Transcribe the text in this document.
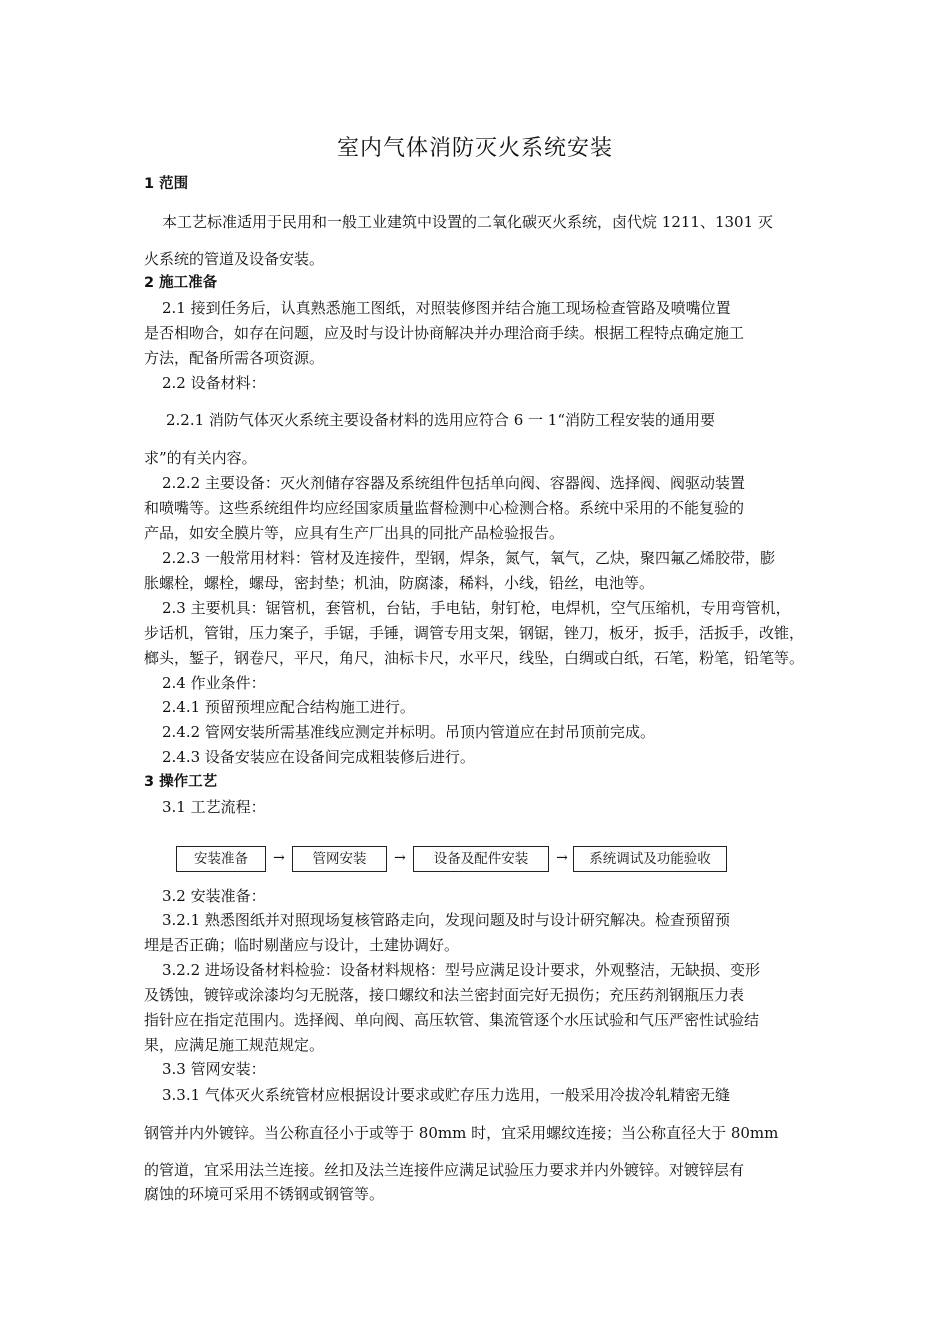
室内气体消防灭火系统安装
1 范围
本工艺标准适用于民用和一般工业建筑中设置的二氧化碳灭火系统，卤代烷 1211、1301 灭
火系统的管道及设备安装。
2 施工准备
2.1 接到任务后，认真熟悉施工图纸，对照装修图并结合施工现场检查管路及喷嘴位置
是否相吻合，如存在问题，应及时与设计协商解决并办理洽商手续。根据工程特点确定施工
方法，配备所需各项资源。
2.2 设备材料：
2.2.1 消防气体灭火系统主要设备材料的选用应符合 6 一 1“消防工程安装的通用要
求”的有关内容。
2.2.2 主要设备：灭火剂储存容器及系统组件包括单向阀、容器阀、选择阀、阀驱动装置
和喷嘴等。这些系统组件均应经国家质量监督检测中心检测合格。系统中采用的不能复验的
产品，如安全膜片等，应具有生产厂出具的同批产品检验报告。
2.2.3 一般常用材料：管材及连接件，型钢，焊条，氮气，氧气，乙炔，聚四氟乙烯胶带，膨
胀螺栓，螺栓，螺母，密封垫；机油，防腐漆，稀料，小线，铅丝，电池等。
2.3 主要机具：锯管机，套管机，台钻，手电钻，射钉枪，电焊机，空气压缩机，专用弯管机，
步话机，管钳，压力案子，手锯，手锤，调管专用支架，钢锯，锉刀，板牙，扳手，活扳手，改锥，
榔头，錾子，钢卷尺，平尺，角尺，油标卡尺，水平尺，线坠，白绸或白纸，石笔，粉笔，铅笔等。
2.4 作业条件：
2.4.1 预留预埋应配合结构施工进行。
2.4.2 管网安装所需基准线应测定并标明。吊顶内管道应在封吊顶前完成。
2.4.3 设备安装应在设备间完成粗装修后进行。
3 操作工艺
3.1 工艺流程：
安装准备	→	管网安装	→	设备及配件安装	→	系统调试及功能验收
3.2 安装准备：
3.2.1 熟悉图纸并对照现场复核管路走向，发现问题及时与设计研究解决。检查预留预
埋是否正确；临时剔凿应与设计，土建协调好。
3.2.2 进场设备材料检验：设备材料规格：型号应满足设计要求，外观整洁，无缺损、变形
及锈蚀，镀锌或涂漆均匀无脱落，接口螺纹和法兰密封面完好无损伤；充压药剂钢瓶压力表
指针应在指定范围内。选择阀、单向阀、高压软管、集流管逐个水压试验和气压严密性试验结
果，应满足施工规范规定。
3.3 管网安装：
3.3.1 气体灭火系统管材应根据设计要求或贮存压力选用，一般采用冷拔冷轧精密无缝
钢管并内外镀锌。当公称直径小于或等于 80mm 时，宜采用螺纹连接；当公称直径大于 80mm
的管道，宜采用法兰连接。丝扣及法兰连接件应满足试验压力要求并内外镀锌。对镀锌层有
腐蚀的环境可采用不锈钢或钢管等。
